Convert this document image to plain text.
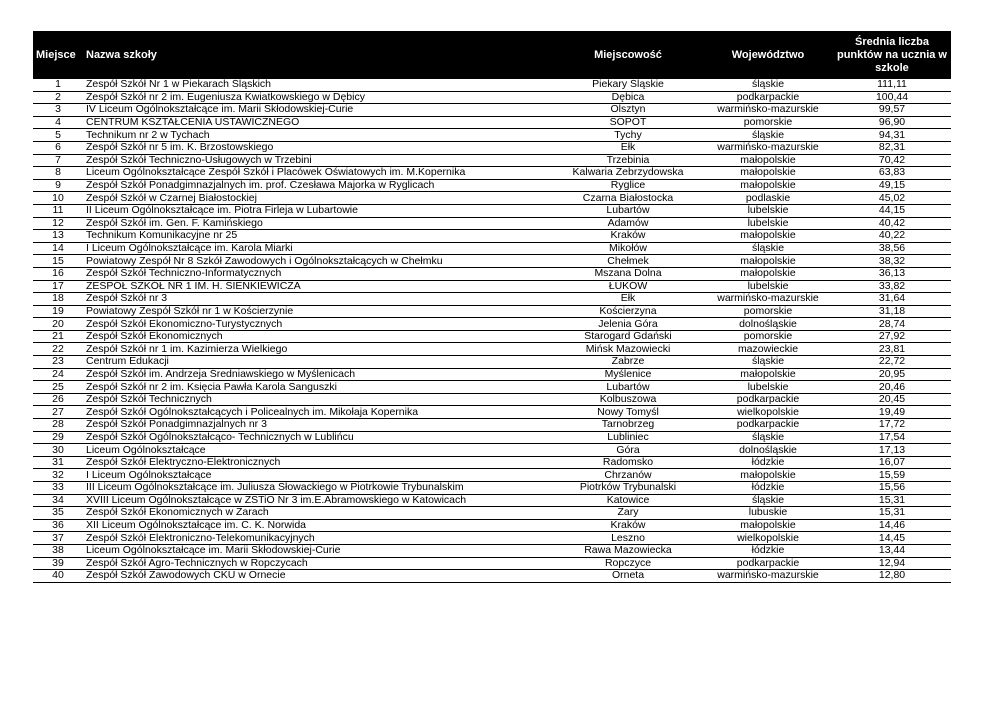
Miejsce	Nazwa szkoły	Miejscowość	Województwo	Średnia liczba punktów na ucznia w szkole
1	Zespół Szkół Nr 1 w Piekarach Śląskich	Piekary Śląskie	śląskie	111,11
2	Zespół Szkół nr 2 im. Eugeniusza Kwiatkowskiego w Dębicy	Dębica	podkarpackie	100,44
3	IV Liceum Ogólnokształcące im. Marii Skłodowskiej-Curie	Olsztyn	warmińsko-mazurskie	99,57
4	CENTRUM KSZTAŁCENIA USTAWICZNEGO	SOPOT	pomorskie	96,90
5	Technikum nr 2 w Tychach	Tychy	śląskie	94,31
6	Zespół Szkół nr 5 im. K. Brzostowskiego	Ełk	warmińsko-mazurskie	82,31
7	Zespół Szkół Techniczno-Usługowych w Trzebini	Trzebinia	małopolskie	70,42
8	Liceum Ogólnokształcące Zespół Szkół i Placówek Oświatowych im. M.Kopernika	Kalwaria Zebrzydowska	małopolskie	63,83
9	Zespół Szkół Ponadgimnazjalnych im. prof. Czesława Majorka w Ryglicach	Ryglice	małopolskie	49,15
10	Zespół Szkół w Czarnej Białostockiej	Czarna Białostocka	podlaskie	45,02
11	II Liceum Ogólnokształcące im. Piotra Firleja w Lubartowie	Lubartów	lubelskie	44,15
12	Zespół Szkół im. Gen. F. Kamińskiego	Adamów	lubelskie	40,42
13	Technikum Komunikacyjne nr 25	Kraków	małopolskie	40,22
14	I Liceum Ogólnokształcące im. Karola Miarki	Mikołów	śląskie	38,56
15	Powiatowy Zespół Nr 8 Szkół Zawodowych i Ogólnokształcących w Chełmku	Chełmek	małopolskie	38,32
16	Zespół Szkół Techniczno-Informatycznych	Mszana Dolna	małopolskie	36,13
17	ZESPÓŁ SZKÓŁ NR 1 IM. H. SIENKIEWICZA	ŁUKÓW	lubelskie	33,82
18	Zespół Szkół nr 3	Ełk	warmińsko-mazurskie	31,64
19	Powiatowy Zespół Szkół nr 1 w Kościerzynie	Kościerzyna	pomorskie	31,18
20	Zespół Szkół Ekonomiczno-Turystycznych	Jelenia Góra	dolnośląskie	28,74
21	Zespół Szkół Ekonomicznych	Starogard Gdański	pomorskie	27,92
22	Zespół Szkół nr 1 im. Kazimierza Wielkiego	Mińsk Mazowiecki	mazowieckie	23,81
23	Centrum Edukacji	Zabrze	śląskie	22,72
24	Zespół Szkół im. Andrzeja Średniawskiego w Myślenicach	Myślenice	małopolskie	20,95
25	Zespół Szkół nr 2 im. Księcia Pawła Karola Sanguszki	Lubartów	lubelskie	20,46
26	Zespół Szkół Technicznych	Kolbuszowa	podkarpackie	20,45
27	Zespół Szkół Ogólnokształcących i Policealnych im. Mikołaja Kopernika	Nowy Tomyśl	wielkopolskie	19,49
28	Zespół Szkół Ponadgimnazjalnych nr 3	Tarnobrzeg	podkarpackie	17,72
29	Zespół Szkół Ogólnokształcąco- Technicznych w Lublińcu	Lubliniec	śląskie	17,54
30	Liceum Ogólnokształcące	Góra	dolnośląskie	17,13
31	Zespół Szkół Elektryczno-Elektronicznych	Radomsko	łódzkie	16,07
32	I Liceum Ogólnokształcące	Chrzanów	małopolskie	15,59
33	III Liceum Ogólnokształcące im. Juliusza Słowackiego w Piotrkowie Trybunalskim	Piotrków Trybunalski	łódzkie	15,56
34	XVIII Liceum Ogólnokształcące w ZSTiO Nr 3 im.E.Abramowskiego w Katowicach	Katowice	śląskie	15,31
35	Zespół Szkół Ekonomicznych w Żarach	Żary	lubuskie	15,31
36	XII Liceum Ogólnokształcące im. C. K. Norwida	Kraków	małopolskie	14,46
37	Zespół Szkół Elektroniczno-Telekomunikacyjnych	Leszno	wielkopolskie	14,45
38	Liceum Ogólnokształcące im. Marii Skłodowskiej-Curie	Rawa Mazowiecka	łódzkie	13,44
39	Zespół Szkół Agro-Technicznych w Ropczycach	Ropczyce	podkarpackie	12,94
40	Zespół Szkół Zawodowych CKU w Ornecie	Orneta	warmińsko-mazurskie	12,80
